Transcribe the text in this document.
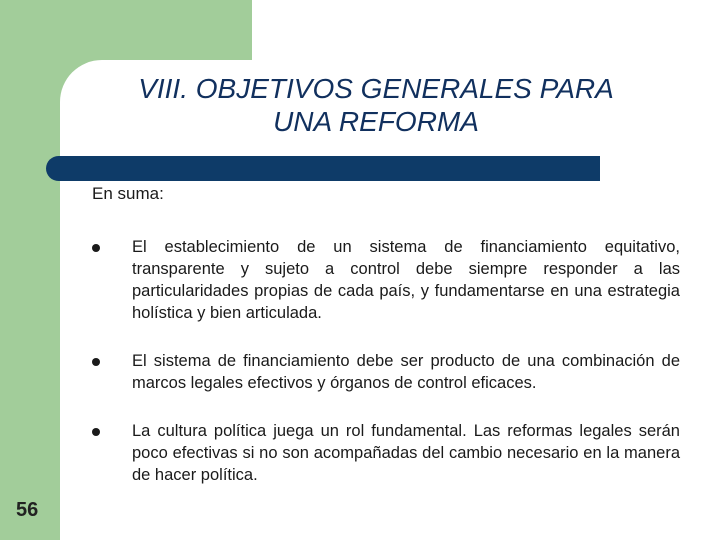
VIII. OBJETIVOS GENERALES PARA
UNA REFORMA
En suma:
El establecimiento de un sistema de financiamiento equitativo, transparente y sujeto a control debe siempre responder a las particularidades propias de cada país, y fundamentarse en una estrategia holística y bien articulada.
El sistema de financiamiento debe ser producto de una combinación de marcos legales efectivos y órganos de control eficaces.
La cultura política juega un rol fundamental. Las reformas legales serán poco efectivas si no son acompañadas del cambio necesario en la manera de hacer política.
56
